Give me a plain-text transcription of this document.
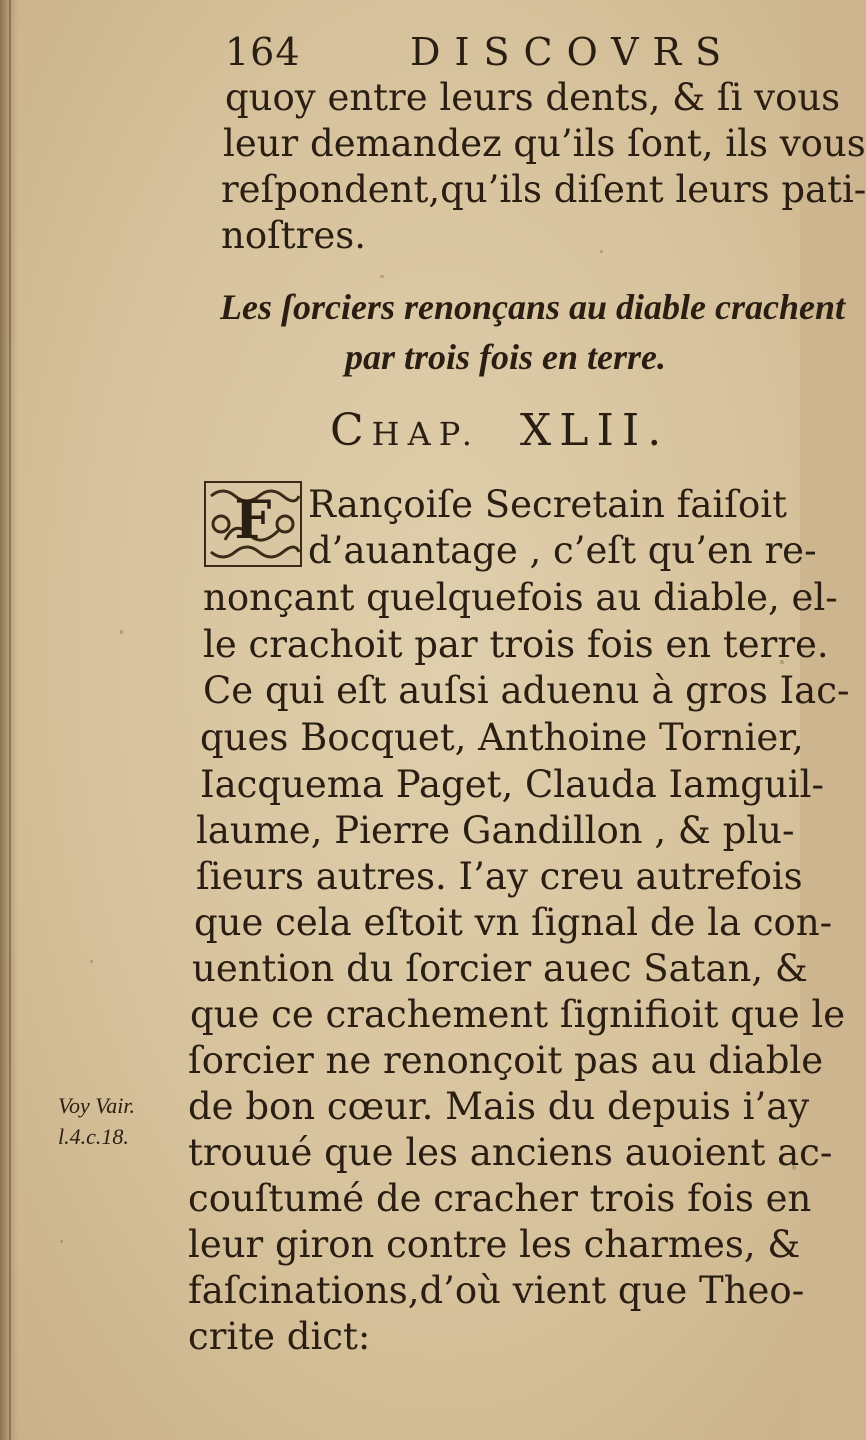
164	DISCOVRS
quoy entre leurs dents, & ſi vous
leur demandez qu’ils ſont, ils vous
reſpondent,qu’ils diſent leurs pati-
noſtres.
Les ſorciers renonçans au diable crachent
par trois fois en terre.
CHAP. XLII.
F Rançoiſe Secretain faiſoit
d’auantage , c’eſt qu’en re-
nonçant quelquefois au diable, el-
le crachoit par trois fois en terre.
Ce qui eſt auſsi aduenu à gros Iac-
ques Bocquet, Anthoine Tornier,
Iacquema Paget, Clauda Iamguil-
laume, Pierre Gandillon , & plu-
ſieurs autres. I’ay creu autrefois
que cela eſtoit vn ſignal de la con-
uention du ſorcier auec Satan, &
que ce crachement ſignifioit que le
ſorcier ne renonçoit pas au diable
de bon cœur. Mais du depuis i’ay
trouué que les anciens auoient ac-
couſtumé de cracher trois fois en
leur giron contre les charmes, &
faſcinations,d’où vient que Theo-
crite dict:
Voy Vair.
l.4.c.18.
